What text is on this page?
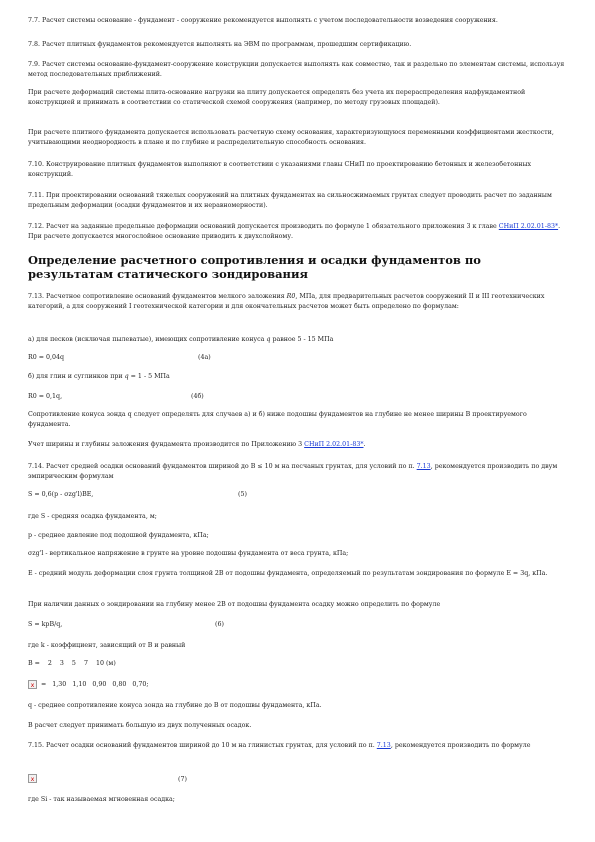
7.7. Расчет системы основание - фундамент - сооружение рекомендуется выполнять с учетом последовательности возведения сооружения.

7.8. Расчет плитных фундаментов рекомендуется выполнять на ЭВМ по программам, прошедшим сертификацию.

7.9. Расчет системы основание-фундамент-сооружение конструкции допускается выполнять как совместно, так и раздельно по элементам системы, используя метод последовательных приближений.

При расчете деформаций системы плита-основание нагрузки на плиту допускается определять без учета их перераспределения надфундаментной конструкцией и принимать в соответствии со статической схемой сооружения (например, по методу грузовых площадей).

При расчете плитного фундамента допускается использовать расчетную схему основания, характеризующуюся переменными коэффициентами жесткости, учитывающими неоднородность в плане и по глубине и распределительную способность основания.

7.10. Конструирование плитных фундаментов выполняют в соответствии с указаниями главы СНиП по проектированию бетонных и железобетонных конструкций.

7.11. При проектировании оснований тяжелых сооружений на плитных фундаментах на сильносжимаемых грунтах следует проводить расчет по заданным предельным деформации (осадки фундаментов и их неравномерности).

7.12. Расчет на заданные предельные деформации оснований допускается производить по формуле 1 обязательного приложения 3 к главе СНиП 2.02.01-83*. При расчете допускается многослойное основание приводить к двухслойному.

Определение расчетного сопротивления и осадки фундаментов по результатам статического зондирования

7.13. Расчетное сопротивление оснований фундаментов мелкого заложения R0, МПа, для предварительных расчетов сооружений II и III геотехнических категорий, а для сооружений I геотехнической категории и для окончательных расчетов может быть определено по формулам:

а) для песков (исключая пылеватые), имеющих сопротивление конуса q равное 5 - 15 МПа

R0 = 0,04q	(4а)

б) для глин и суглинков при q = 1 - 5 МПа

R0 = 0,1q,	(4б)

Сопротивление конуса зонда q следует определять для случаев а) и б) ниже подошвы фундаментов на глубине не менее ширины B проектируемого фундамента.

Учет ширины и глубины заложения фундамента производится по Приложению 3 СНиП 2.02.01-83*.

7.14. Расчет средней осадки оснований фундаментов шириной до B ≤ 10 м на песчаных грунтах, для условий по п. 7.13, рекомендуется производить по двум эмпирическим формулам

S = 0,6(p - σzg'l)BE,	(5)

где S - средняя осадка фундамента, м;

p - среднее давление под подошвой фундамента, кПа;

σzg'l - вертикальное напряжение в грунте на уровне подошвы фундамента от веса грунта, кПа;

E - средний модуль деформации слоя грунта толщиной 2B от подошвы фундамента, определяемый по результатам зондирования по формуле E = 3q, кПа.

При наличии данных о зондировании на глубину менее 2B от подошвы фундамента осадку можно определить по формуле

S = kpB/q,	(6)

где k - коэффициент, зависящий от B и равный

B =    2    3    5    7    10 (м)

x =   1,30   1,10   0,90   0,80   0,70;

q - среднее сопротивление конуса зонда на глубине до B от подошвы фундамента, кПа.

В расчет следует принимать большую из двух полученных осадок.

7.15. Расчет осадки оснований фундаментов шириной до 10 м на глинистых грунтах, для условий по п. 7.13, рекомендуется производить по формуле

x	(7)

где Si - так называемая мгновенная осадка;
